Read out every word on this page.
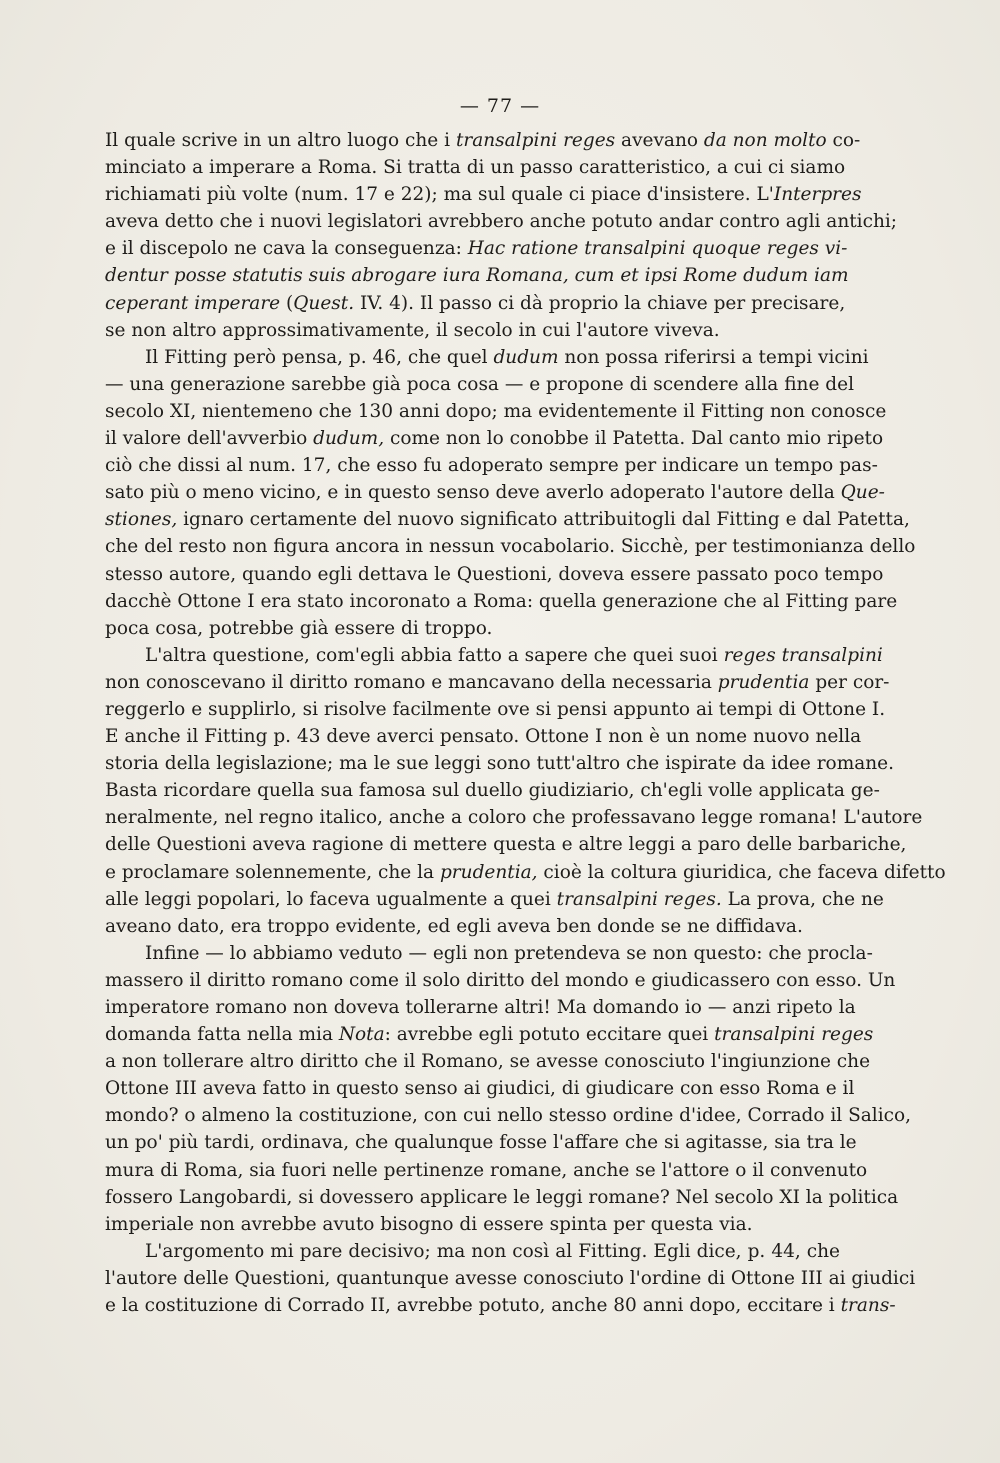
— 77 —
Il quale scrive in un altro luogo che i transalpini reges avevano da non molto co-
minciato a imperare a Roma. Si tratta di un passo caratteristico, a cui ci siamo
richiamati più volte (num. 17 e 22); ma sul quale ci piace d'insistere. L'Interpres
aveva detto che i nuovi legislatori avrebbero anche potuto andar contro agli antichi;
e il discepolo ne cava la conseguenza: Hac ratione transalpini quoque reges vi-
dentur posse statutis suis abrogare iura Romana, cum et ipsi Rome dudum iam
ceperant imperare (Quest. IV. 4). Il passo ci dà proprio la chiave per precisare,
se non altro approssimativamente, il secolo in cui l'autore viveva.
Il Fitting però pensa, p. 46, che quel dudum non possa riferirsi a tempi vicini
— una generazione sarebbe già poca cosa — e propone di scendere alla fine del
secolo XI, nientemeno che 130 anni dopo; ma evidentemente il Fitting non conosce
il valore dell'avverbio dudum, come non lo conobbe il Patetta. Dal canto mio ripeto
ciò che dissi al num. 17, che esso fu adoperato sempre per indicare un tempo pas-
sato più o meno vicino, e in questo senso deve averlo adoperato l'autore della Que-
stiones, ignaro certamente del nuovo significato attribuitogli dal Fitting e dal Patetta,
che del resto non figura ancora in nessun vocabolario. Sicchè, per testimonianza dello
stesso autore, quando egli dettava le Questioni, doveva essere passato poco tempo
dacchè Ottone I era stato incoronato a Roma: quella generazione che al Fitting pare
poca cosa, potrebbe già essere di troppo.
L'altra questione, com'egli abbia fatto a sapere che quei suoi reges transalpini
non conoscevano il diritto romano e mancavano della necessaria prudentia per cor-
reggerlo e supplirlo, si risolve facilmente ove si pensi appunto ai tempi di Ottone I.
E anche il Fitting p. 43 deve averci pensato. Ottone I non è un nome nuovo nella
storia della legislazione; ma le sue leggi sono tutt'altro che ispirate da idee romane.
Basta ricordare quella sua famosa sul duello giudiziario, ch'egli volle applicata ge-
neralmente, nel regno italico, anche a coloro che professavano legge romana! L'autore
delle Questioni aveva ragione di mettere questa e altre leggi a paro delle barbariche,
e proclamare solennemente, che la prudentia, cioè la coltura giuridica, che faceva difetto
alle leggi popolari, lo faceva ugualmente a quei transalpini reges. La prova, che ne
aveano dato, era troppo evidente, ed egli aveva ben donde se ne diffidava.
Infine — lo abbiamo veduto — egli non pretendeva se non questo: che procla-
massero il diritto romano come il solo diritto del mondo e giudicassero con esso. Un
imperatore romano non doveva tollerarne altri! Ma domando io — anzi ripeto la
domanda fatta nella mia Nota: avrebbe egli potuto eccitare quei transalpini reges
a non tollerare altro diritto che il Romano, se avesse conosciuto l'ingiunzione che
Ottone III aveva fatto in questo senso ai giudici, di giudicare con esso Roma e il
mondo? o almeno la costituzione, con cui nello stesso ordine d'idee, Corrado il Salico,
un po' più tardi, ordinava, che qualunque fosse l'affare che si agitasse, sia tra le
mura di Roma, sia fuori nelle pertinenze romane, anche se l'attore o il convenuto
fossero Langobardi, si dovessero applicare le leggi romane? Nel secolo XI la politica
imperiale non avrebbe avuto bisogno di essere spinta per questa via.
L'argomento mi pare decisivo; ma non così al Fitting. Egli dice, p. 44, che
l'autore delle Questioni, quantunque avesse conosciuto l'ordine di Ottone III ai giudici
e la costituzione di Corrado II, avrebbe potuto, anche 80 anni dopo, eccitare i trans-
